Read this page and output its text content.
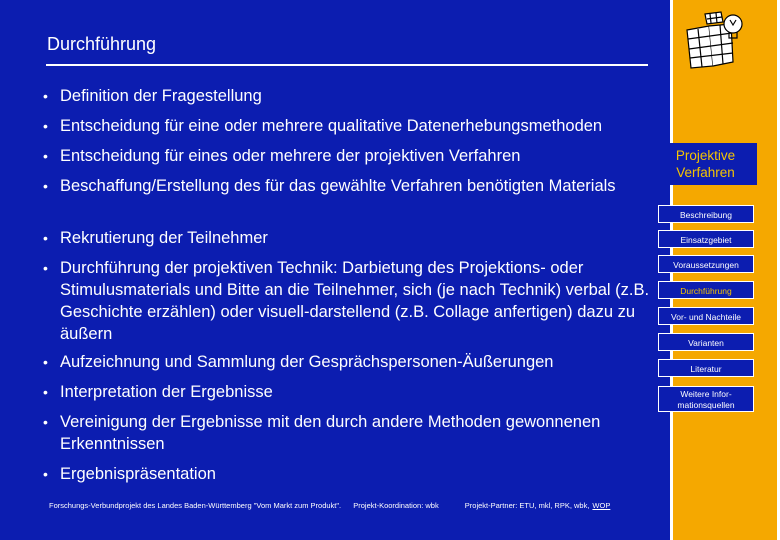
Durchführung
• Definition der Fragestellung
• Entscheidung für eine oder mehrere qualitative Datenerhebungsmethoden
• Entscheidung für eines oder mehrere der projektiven Verfahren
• Beschaffung/Erstellung des für das gewählte Verfahren benötigten Materials
• Rekrutierung der Teilnehmer
• Durchführung der projektiven Technik: Darbietung des Projektions- oder Stimulusmaterials und Bitte an die Teilnehmer, sich (je nach Technik) verbal (z.B. Geschichte erzählen) oder visuell-darstellend (z.B. Collage anfertigen) dazu zu äußern
• Aufzeichnung und Sammlung der Gesprächspersonen-Äußerungen
• Interpretation der Ergebnisse
• Vereinigung der Ergebnisse mit den durch andere Methoden gewonnenen Erkenntnissen
• Ergebnispräsentation
Forschungs-Verbundprojekt des Landes Baden-Württemberg "Vom Markt zum Produkt". Projekt-Koordination: wbk	Projekt-Partner: ETU, mkl, RPK, wbk, WOP
Projektive Verfahren
Beschreibung
Einsatzgebiet
Voraussetzungen
Durchführung
Vor- und Nachteile
Varianten
Literatur
Weitere Infor-mationsquellen
